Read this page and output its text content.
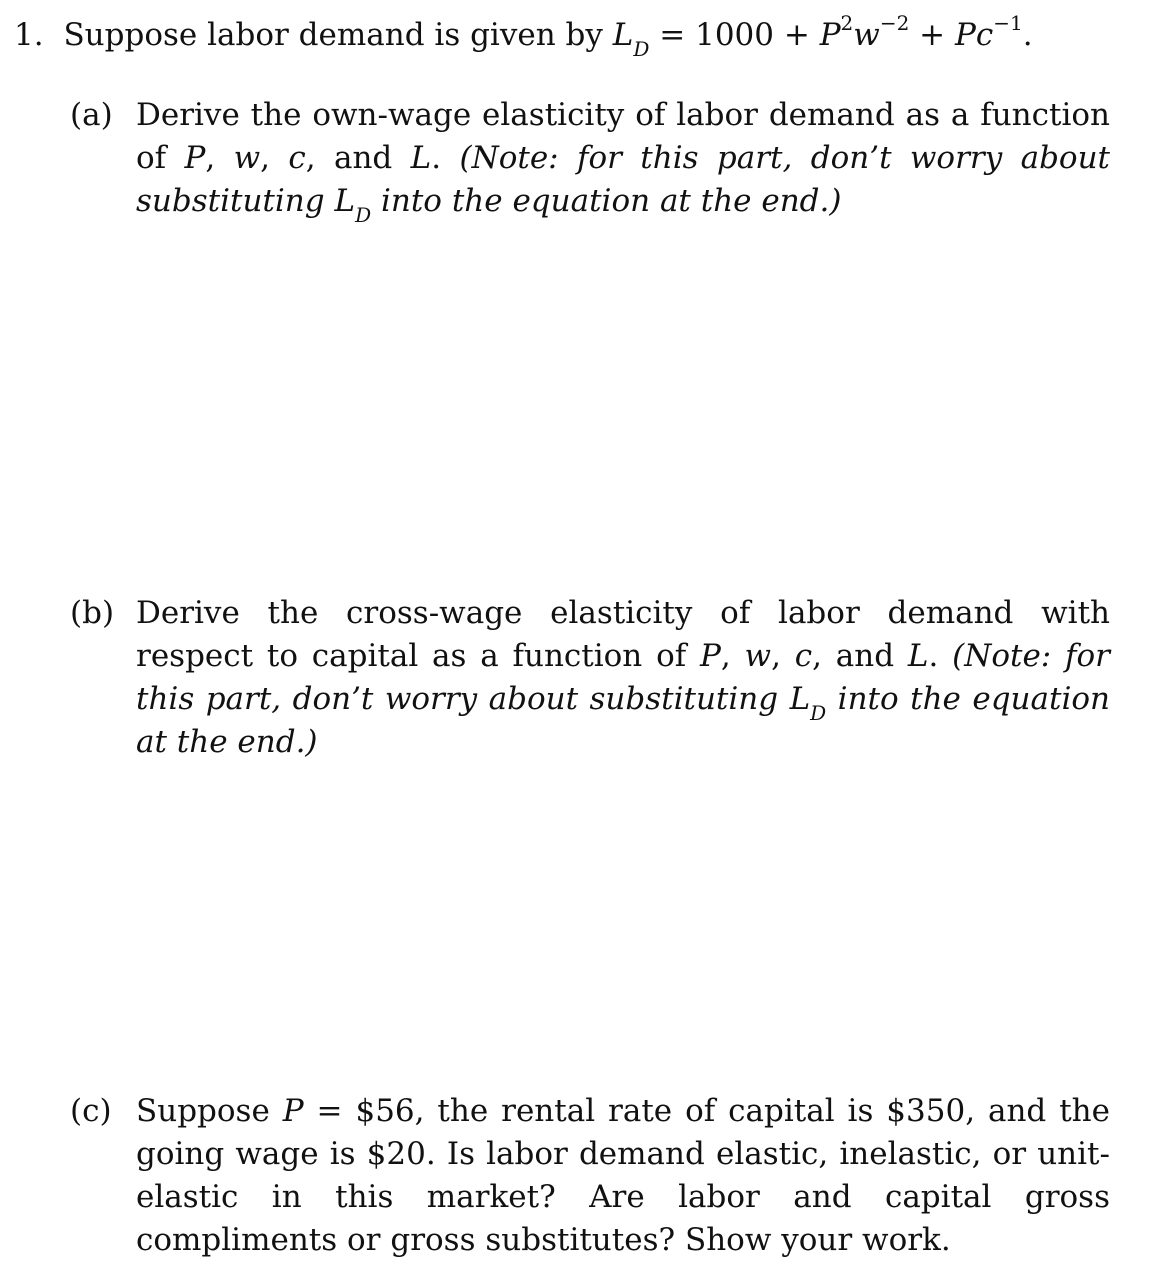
1. Suppose labor demand is given by $L_D = 1000 + P^2w^{-2} + Pc^{-1}$.
(a) Derive the own-wage elasticity of labor demand as a function of P, w, c, and L. (Note: for this part, don’t worry about substituting $L_D$ into the equation at the end.)
(b) Derive the cross-wage elasticity of labor demand with respect to capital as a function of P, w, c, and L. (Note: for this part, don’t worry about substituting $L_D$ into the equation at the end.)
(c) Suppose P = $56, the rental rate of capital is $350, and the going wage is $20. Is labor demand elastic, inelastic, or unit-elastic in this market? Are labor and capital gross compliments or gross substitutes? Show your work.
